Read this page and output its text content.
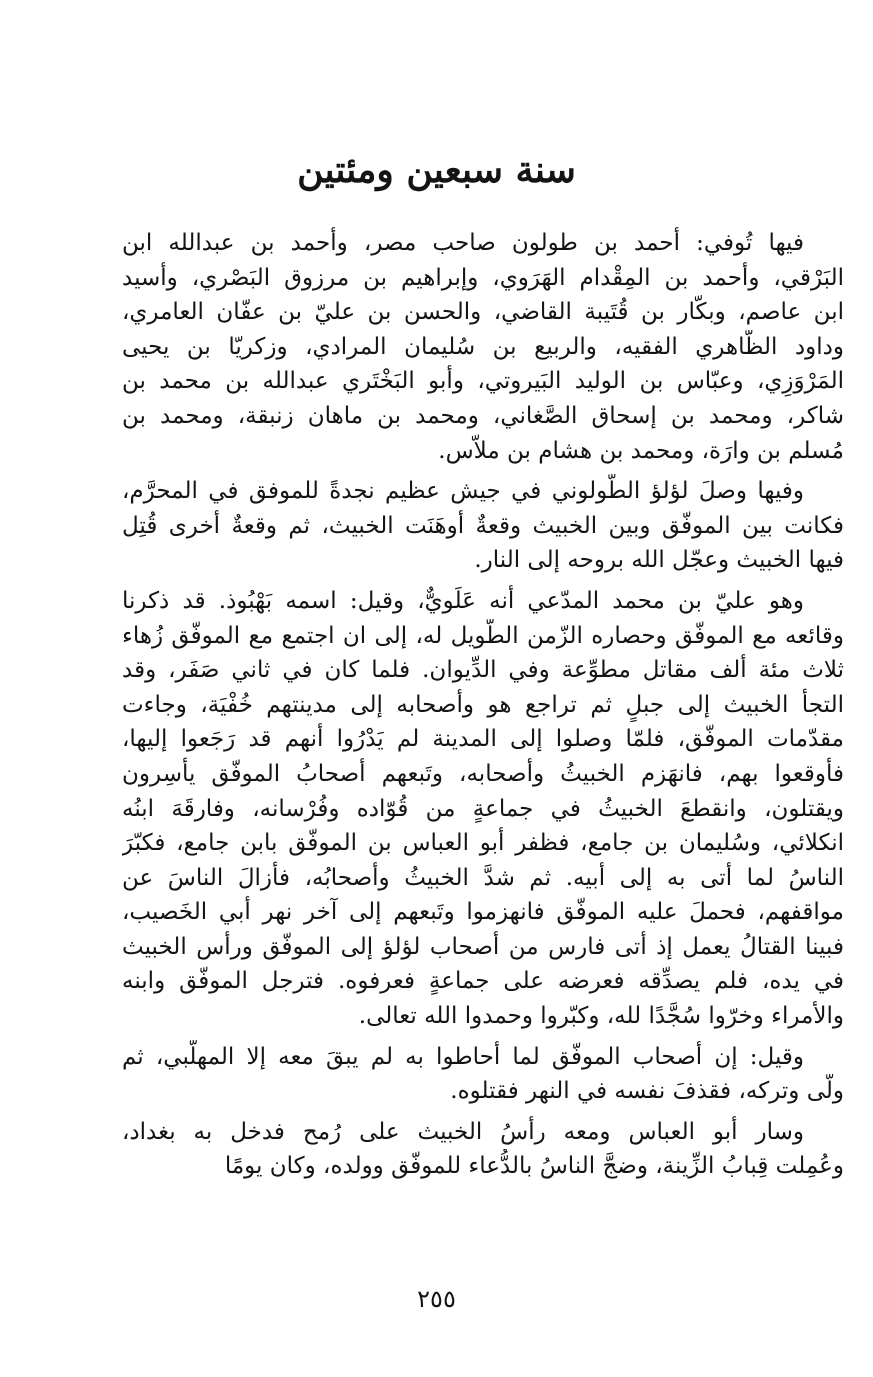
سنة سبعين ومئتين
فيها تُوفي: أحمد بن طولون صاحب مصر، وأحمد بن عبدالله ابن
البَرْقي، وأحمد بن المِقْدام الهَرَوي، وإبراهيم بن مرزوق البَصْري، وأسيد
ابن عاصم، وبكّار بن قُتَيبة القاضي، والحسن بن عليّ بن عفّان العامري،
وداود الظّاهري الفقيه، والربيع بن سُليمان المرادي، وزكريّا بن يحيى
المَرْوَزِي، وعبّاس بن الوليد البَيروتي، وأبو البَخْتَري عبدالله بن محمد بن
شاكر، ومحمد بن إسحاق الصَّغاني، ومحمد بن ماهان زنبقة، ومحمد بن
مُسلم بن وارَة، ومحمد بن هشام بن ملاّس.
وفيها وصلَ لؤلؤ الطُّولوني في جيش عظيم نجدةً للموفق في المحرَّم،
فكانت بين الموفّق وبين الخبيث وقعةٌ أوهَنَت الخبيث، ثم وقعةٌ أخرى قُتِل
فيها الخبيث وعجّل الله بروحه إلى النار.
وهو عليّ بن محمد المدّعي أنه عَلَويٌّ، وقيل: اسمه بَهْبُوذ. قد ذكرنا
وقائعه مع الموفّق وحصاره الزّمن الطّويل له، إلى ان اجتمع مع الموفّق زُهاء
ثلاث مئة ألف مقاتل مطوِّعة وفي الدِّيوان. فلما كان في ثاني صَفَر، وقد
التجأ الخبيث إلى جبلٍ ثم تراجع هو وأصحابه إلى مدينتهم خُفْيَة، وجاءت
مقدّمات الموفّق، فلمّا وصلوا إلى المدينة لم يَدْرُوا أنهم قد رَجَعوا إليها،
فأوقعوا بهم، فانهَزم الخبيثُ وأصحابه، وتَبعهم أصحابُ الموفّق يأسِرون
ويقتلون، وانقطعَ الخبيثُ في جماعةٍ من قُوّاده وفُرْسانه، وفارقَهَ ابنُه
انكلائي، وسُليمان بن جامع، فظفر أبو العباس بن الموفّق بابن جامع، فكبّرَ
الناسُ لما أتى به إلى أبيه. ثم شدَّ الخبيثُ وأصحابُه، فأزالَ الناسَ عن
مواقفهم، فحملَ عليه الموفّق فانهزموا وتَبعهم إلى آخر نهر أبي الخَصيب،
فبينا القتالُ يعمل إذ أتى فارس من أصحاب لؤلؤ إلى الموفّق ورأس الخبيث
في يده، فلم يصدِّقه فعرضه على جماعةٍ فعرفوه. فترجل الموفّق وابنه
والأمراء وخرّوا سُجَّدًا لله، وكبّروا وحمدوا الله تعالى.
وقيل: إن أصحاب الموفّق لما أحاطوا به لم يبقَ معه إلا المهلّبي، ثم
ولّى وتركه، فقذفَ نفسه في النهر فقتلوه.
وسار أبو العباس ومعه رأسُ الخبيث على رُمح فدخل به بغداد،
وعُمِلت قِبابُ الزِّينة، وضجَّ الناسُ بالدُّعاء للموفّق وولده، وكان يومًا
٢٥٥
